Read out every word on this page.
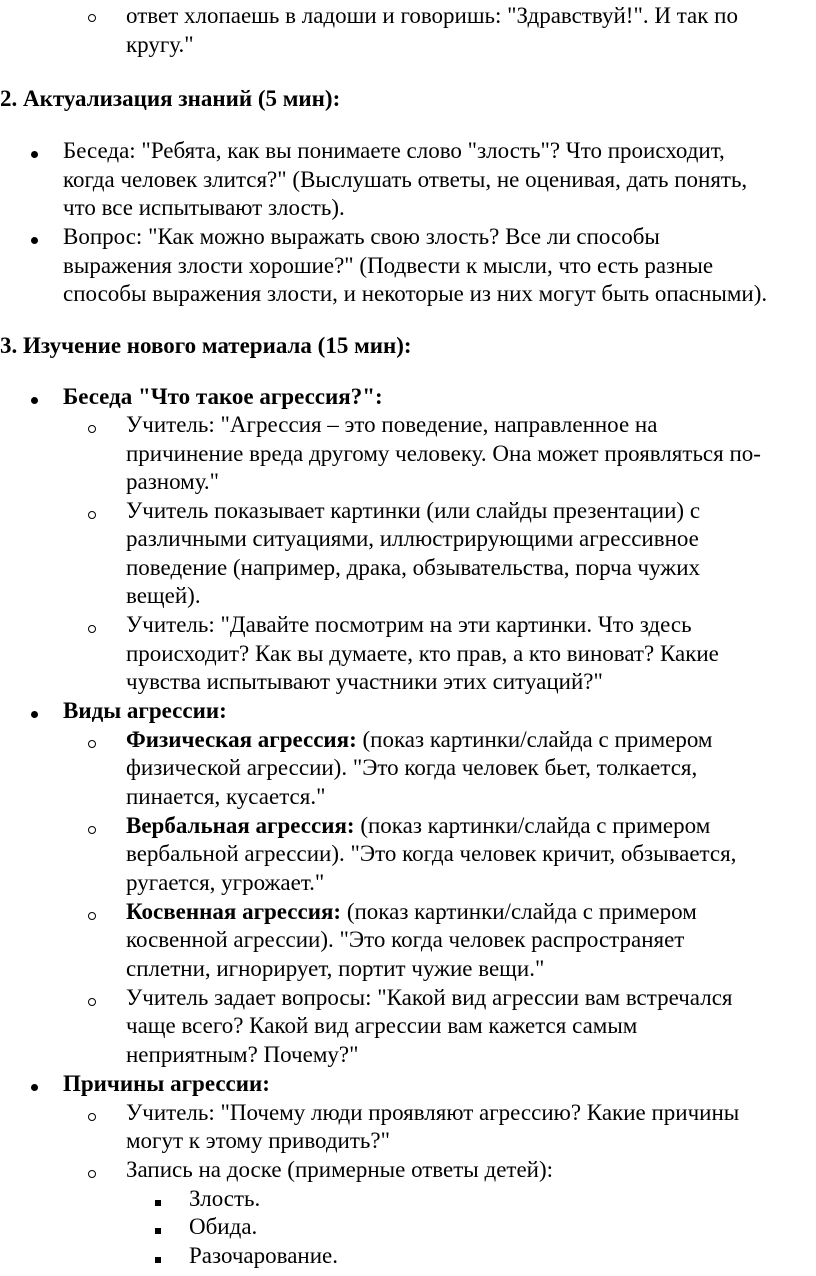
ответ хлопаешь в ладоши и говоришь: "Здравствуй!". И так по
кругу."
2. Актуализация знаний (5 мин):
Беседа: "Ребята, как вы понимаете слово "злость"? Что происходит,
когда человек злится?" (Выслушать ответы, не оценивая, дать понять,
что все испытывают злость).
Вопрос: "Как можно выражать свою злость? Все ли способы
выражения злости хорошие?" (Подвести к мысли, что есть разные
способы выражения злости, и некоторые из них могут быть опасными).
3. Изучение нового материала (15 мин):
Беседа "Что такое агрессия?":
Учитель: "Агрессия – это поведение, направленное на
причинение вреда другому человеку. Она может проявляться по-
разному."
Учитель показывает картинки (или слайды презентации) с
различными ситуациями, иллюстрирующими агрессивное
поведение (например, драка, обзывательства, порча чужих
вещей).
Учитель: "Давайте посмотрим на эти картинки. Что здесь
происходит? Как вы думаете, кто прав, а кто виноват? Какие
чувства испытывают участники этих ситуаций?"
Виды агрессии:
Физическая агрессия: (показ картинки/слайда с примером
физической агрессии). "Это когда человек бьет, толкается,
пинается, кусается."
Вербальная агрессия: (показ картинки/слайда с примером
вербальной агрессии). "Это когда человек кричит, обзывается,
ругается, угрожает."
Косвенная агрессия: (показ картинки/слайда с примером
косвенной агрессии). "Это когда человек распространяет
сплетни, игнорирует, портит чужие вещи."
Учитель задает вопросы: "Какой вид агрессии вам встречался
чаще всего? Какой вид агрессии вам кажется самым
неприятным? Почему?"
Причины агрессии:
Учитель: "Почему люди проявляют агрессию? Какие причины
могут к этому приводить?"
Запись на доске (примерные ответы детей):
Злость.
Обида.
Разочарование.
